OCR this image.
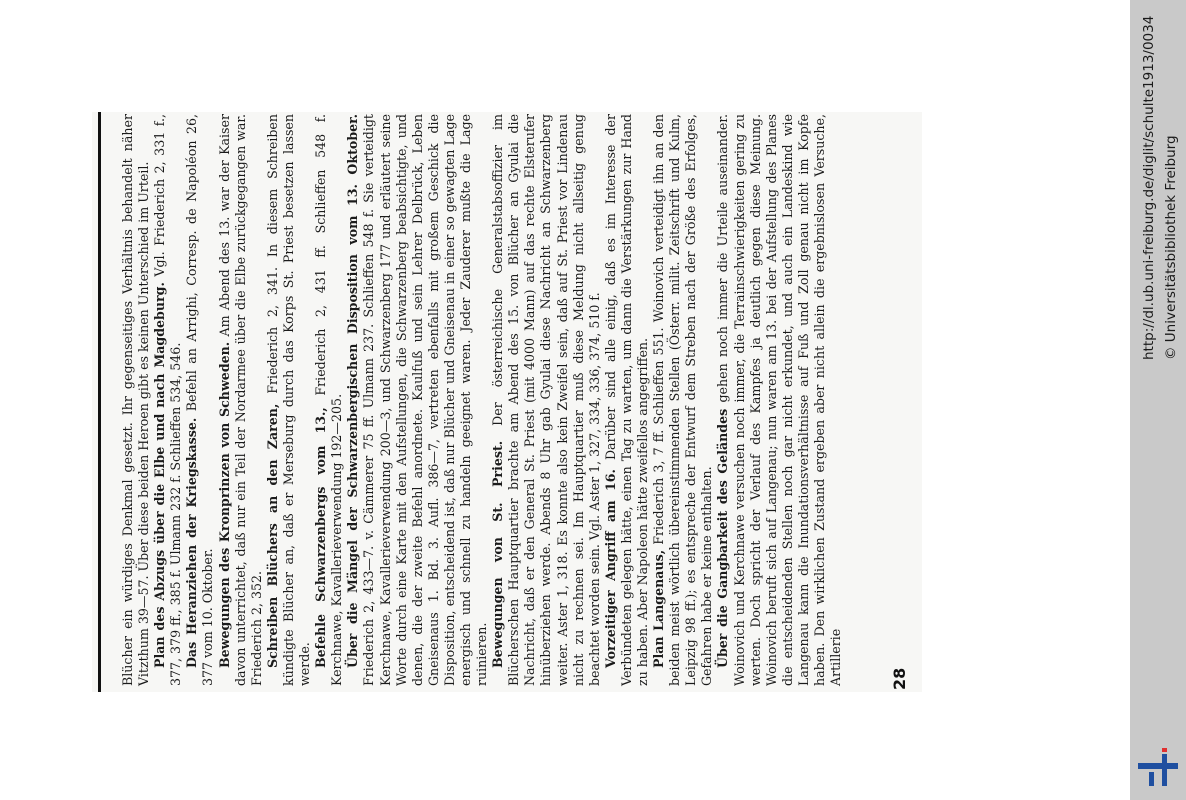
Blücher ein würdiges Denkmal gesetzt. Ihr gegenseitiges Verhältnis behandelt näher Vitzthum 39—57. Über diese beiden Heroen gibt es keinen Unterschied im Urteil. Plan des Abzugs über die Elbe und nach Magdeburg. Vgl. Friederich 2, 331 f., 377, 379 ff., 385 f. Ulmann 232 f. Schlieffen 534, 546. Das Heranziehen der Kriegskasse. Befehl an Arrighi, Corresp. de Napoléon 26, 377 vom 10. Oktober. Bewegungen des Kronprinzen von Schweden. Am Abend des 13. war der Kaiser davon unterrichtet, daß nur ein Teil der Nordarmee über die Elbe zurückgegangen war. Friederich 2, 352. Schreiben Blüchers an den Zaren, Friederich 2, 341. In diesem Schreiben kündigte Blücher an, daß er Merseburg durch das Korps St. Priest besetzen lassen werde. Befehle Schwarzenbergs vom 13., Friederich 2, 431 ff. Schlieffen 548 f. Kerchnawe, Kavallerieverwendung 192—205. Über die Mängel der Schwarzenbergischen Disposition vom 13. Oktober. Friederich 2, 433—7. v. Cämmerer 75 ff. Ulmann 237. Schlieffen 548 f. Sie verteidigt Kerchnawe, Kavallerieverwendung 200—3, und Schwarzenberg 177 und erläutert seine Worte durch eine Karte mit den Aufstellungen, die Schwarzenberg beabsichtigte, und denen, die der zweite Befehl anordnete. Kaulfuß und sein Lehrer Delbrück, Leben Gneisenaus 1. Bd. 3. Aufl. 386—7, vertreten ebenfalls mit großem Geschick die Disposition, entscheidend ist, daß nur Blücher und Gneisenau in einer so gewagten Lage energisch und schnell zu handeln geeignet waren. Jeder Zauderer mußte die Lage ruinieren. Bewegungen von St. Priest. Der österreichische Generalstabsoffizier im Blücherschen Hauptquartier brachte am Abend des 15. von Blücher an Gyulai die Nachricht, daß er den General St. Priest (mit 4000 Mann) auf das rechte Elsterufer hinüberziehen werde. Abends 8 Uhr gab Gyulai diese Nachricht an Schwarzenberg weiter. Aster 1, 318. Es konnte also kein Zweifel sein, daß auf St. Priest vor Lindenau nicht zu rechnen sei. Im Hauptquartier muß diese Meldung nicht allseitig genug beachtet worden sein. Vgl. Aster 1, 327, 334, 336, 374, 510 f. Vorzeitiger Angriff am 16. Darüber sind alle einig, daß es im Interesse der Verbündeten gelegen hätte, einen Tag zu warten, um dann die Verstärkungen zur Hand zu haben. Aber Napoleon hätte zweifellos angegriffen. Plan Langenaus, Friederich 3, 7 ff. Schlieffen 551. Woinovich verteidigt ihn an den beiden meist wörtlich übereinstimmenden Stellen (Österr. milit. Zeitschrift und Kulm, Leipzig 98 ff.); es entspreche der Entwurf dem Streben nach der Größe des Erfolges, Gefahren habe er keine enthalten. Über die Gangbarkeit des Geländes gehen noch immer die Urteile auseinander. Woinovich und Kerchnawe versuchen noch immer, die Terrainschwierigkeiten gering zu werten. Doch spricht der Verlauf des Kampfes ja deutlich gegen diese Meinung. Woinovich beruft sich auf Langenau; nun waren am 13. bei der Aufstellung des Planes die entscheidenden Stellen noch gar nicht erkundet, und auch ein Landeskind wie Langenau kann die Inundationsverhältnisse auf Fuß und Zoll genau nicht im Kopfe haben. Den wirklichen Zustand ergeben aber nicht allein die ergebnislosen Versuche, Artillerie	28
http://dl.ub.uni-freiburg.de/diglit/schulte1913/0034 © Universitätsbibliothek Freiburg
